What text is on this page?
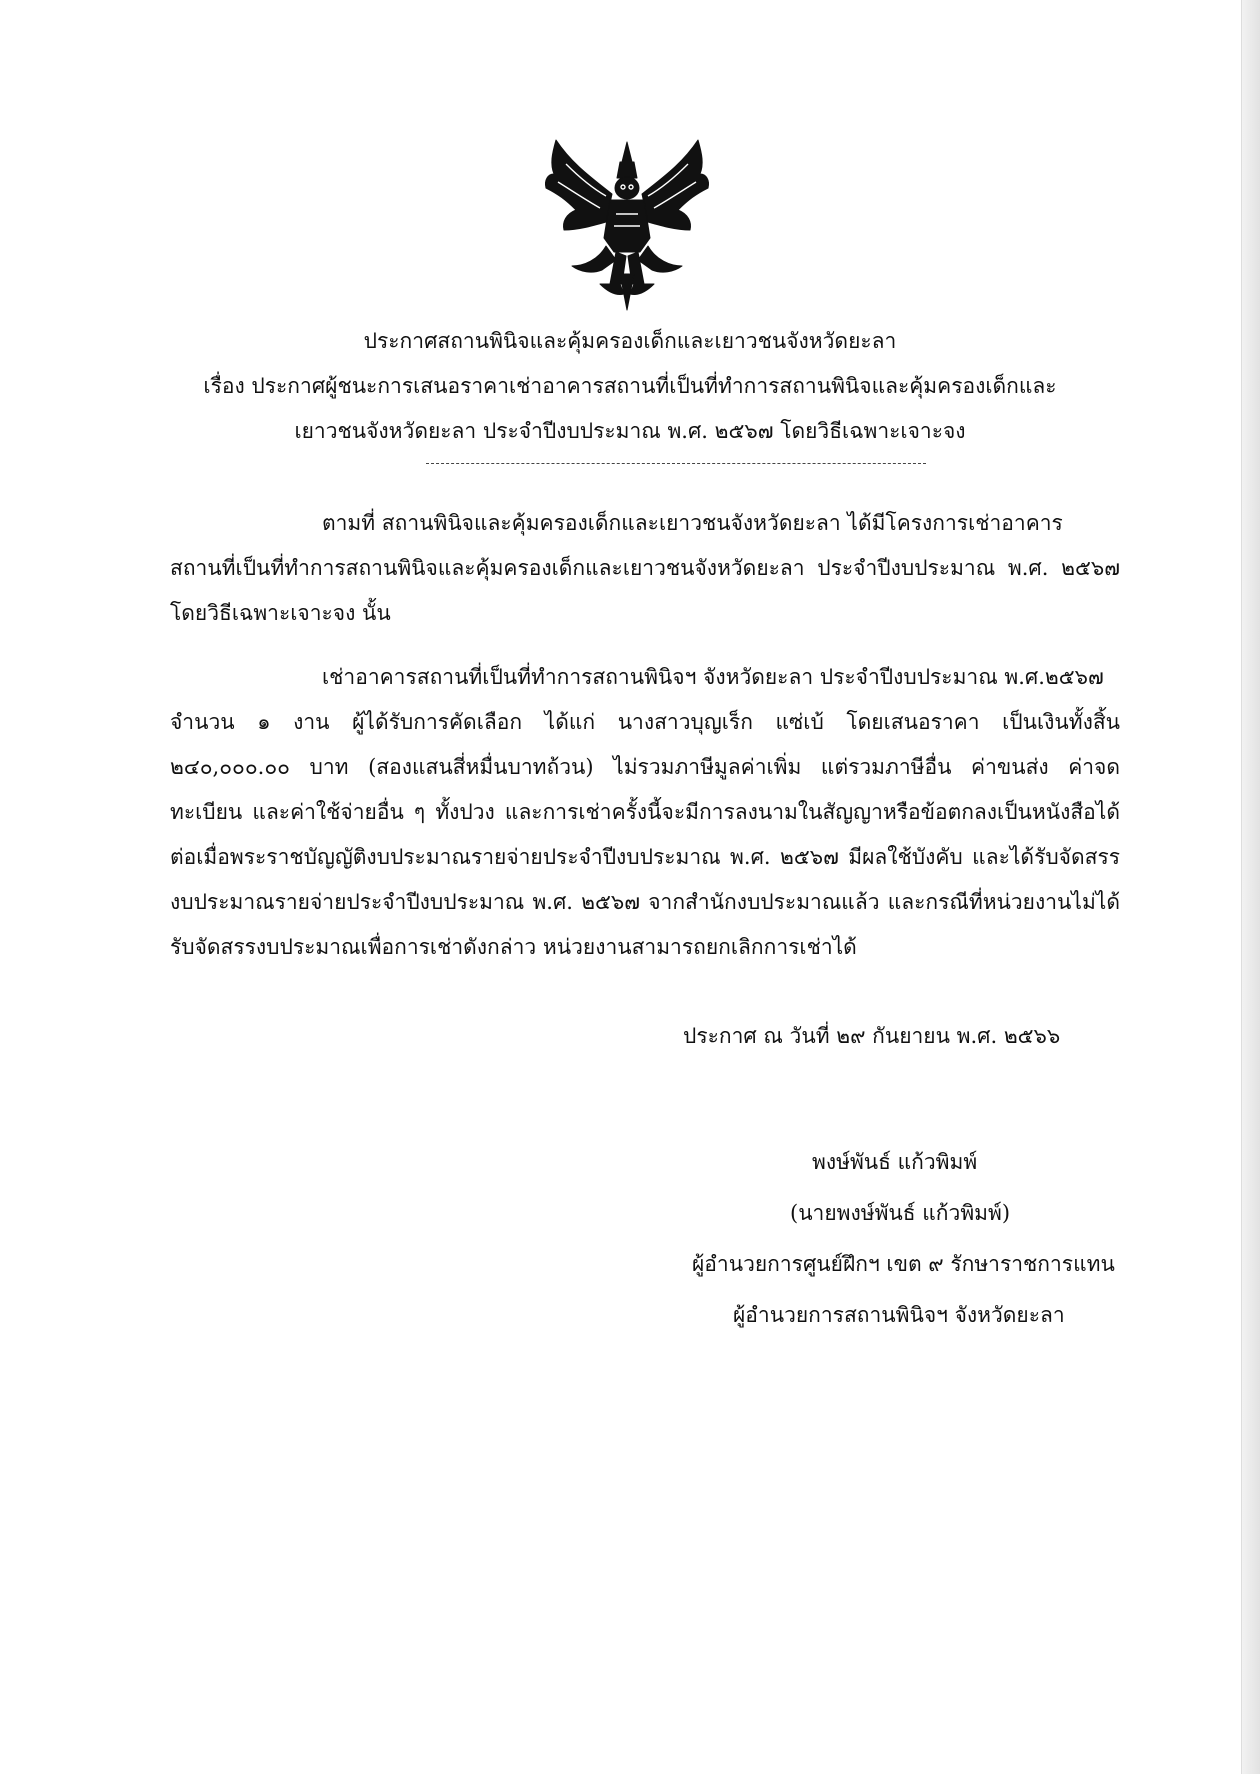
ประกาศสถานพินิจและคุ้มครองเด็กและเยาวชนจังหวัดยะลา
เรื่อง ประกาศผู้ชนะการเสนอราคาเช่าอาคารสถานที่เป็นที่ทำการสถานพินิจและคุ้มครองเด็กและ
เยาวชนจังหวัดยะลา ประจำปีงบประมาณ พ.ศ. ๒๕๖๗ โดยวิธีเฉพาะเจาะจง
ตามที่ สถานพินิจและคุ้มครองเด็กและเยาวชนจังหวัดยะลา ได้มีโครงการเช่าอาคาร
สถานที่เป็นที่ทำการสถานพินิจและคุ้มครองเด็กและเยาวชนจังหวัดยะลา ประจำปีงบประมาณ พ.ศ. ๒๕๖๗
โดยวิธีเฉพาะเจาะจง นั้น
เช่าอาคารสถานที่เป็นที่ทำการสถานพินิจฯ จังหวัดยะลา ประจำปีงบประมาณ พ.ศ.๒๕๖๗
จำนวน ๑ งาน ผู้ได้รับการคัดเลือก ได้แก่ นางสาวบุญเร็ก แซ่เบ้ โดยเสนอราคา เป็นเงินทั้งสิ้น
๒๔๐,๐๐๐.๐๐ บาท (สองแสนสี่หมื่นบาทถ้วน) ไม่รวมภาษีมูลค่าเพิ่ม แต่รวมภาษีอื่น ค่าขนส่ง ค่าจด
ทะเบียน และค่าใช้จ่ายอื่น ๆ ทั้งปวง และการเช่าครั้งนี้จะมีการลงนามในสัญญาหรือข้อตกลงเป็นหนังสือได้
ต่อเมื่อพระราชบัญญัติงบประมาณรายจ่ายประจำปีงบประมาณ พ.ศ. ๒๕๖๗ มีผลใช้บังคับ และได้รับจัดสรร
งบประมาณรายจ่ายประจำปีงบประมาณ พ.ศ. ๒๕๖๗ จากสำนักงบประมาณแล้ว และกรณีที่หน่วยงานไม่ได้
รับจัดสรรงบประมาณเพื่อการเช่าดังกล่าว หน่วยงานสามารถยกเลิกการเช่าได้
ประกาศ ณ วันที่ ๒๙ กันยายน พ.ศ. ๒๕๖๖
พงษ์พันธ์ แก้วพิมพ์
(นายพงษ์พันธ์ แก้วพิมพ์)
ผู้อำนวยการศูนย์ฝึกฯ เขต ๙ รักษาราชการแทน
ผู้อำนวยการสถานพินิจฯ จังหวัดยะลา
